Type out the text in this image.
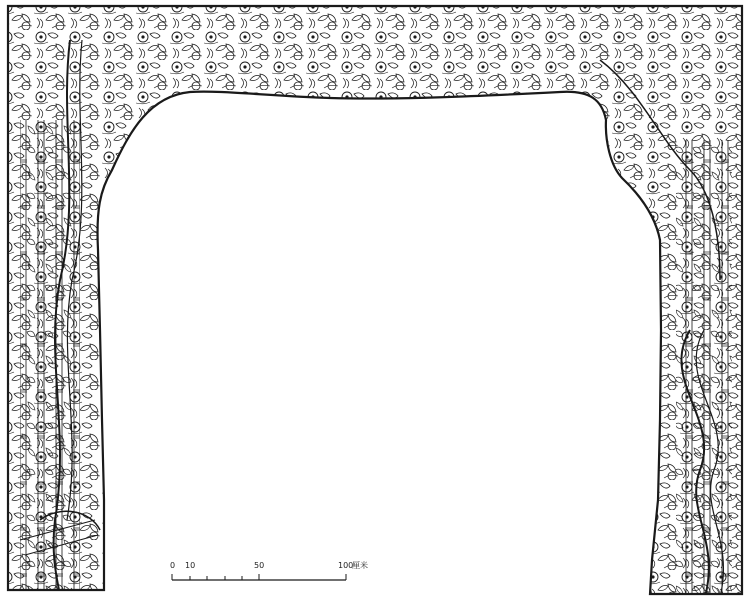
0 10	50	100
厘米
